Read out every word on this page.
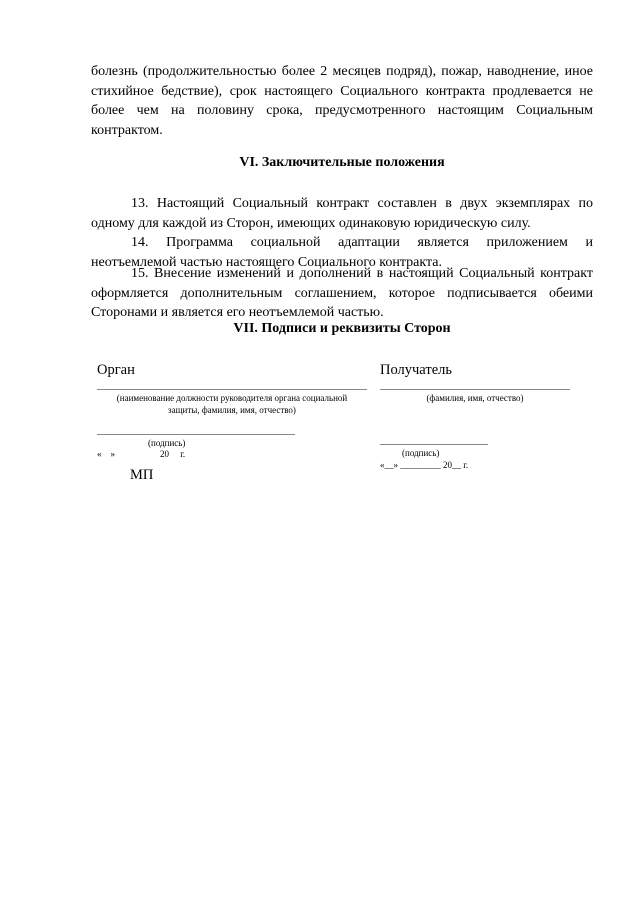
болезнь (продолжительностью более 2 месяцев подряд), пожар, наводнение, иное стихийное бедствие), срок настоящего Социального контракта продлевается не более чем на половину срока, предусмотренного настоящим Социальным контрактом.

VI. Заключительные положения

13. Настоящий Социальный контракт составлен в двух экземплярах по одному для каждой из Сторон, имеющих одинаковую юридическую силу.

14. Программа социальной адаптации является приложением и неотъемлемой частью настоящего Социального контракта.

15. Внесение изменений и дополнений в настоящий Социальный контракт оформляется дополнительным соглашением, которое подписывается обеими Сторонами и является его неотъемлемой частью.

VII. Подписи и реквизиты Сторон

Орган

(наименование должности руководителя органа социальной

защиты, фамилия, имя, отчество)

(подпись)

«    »                    20     г.

МП

Получатель

(фамилия, имя, отчество)

(подпись)

«__» _________ 20__ г.
